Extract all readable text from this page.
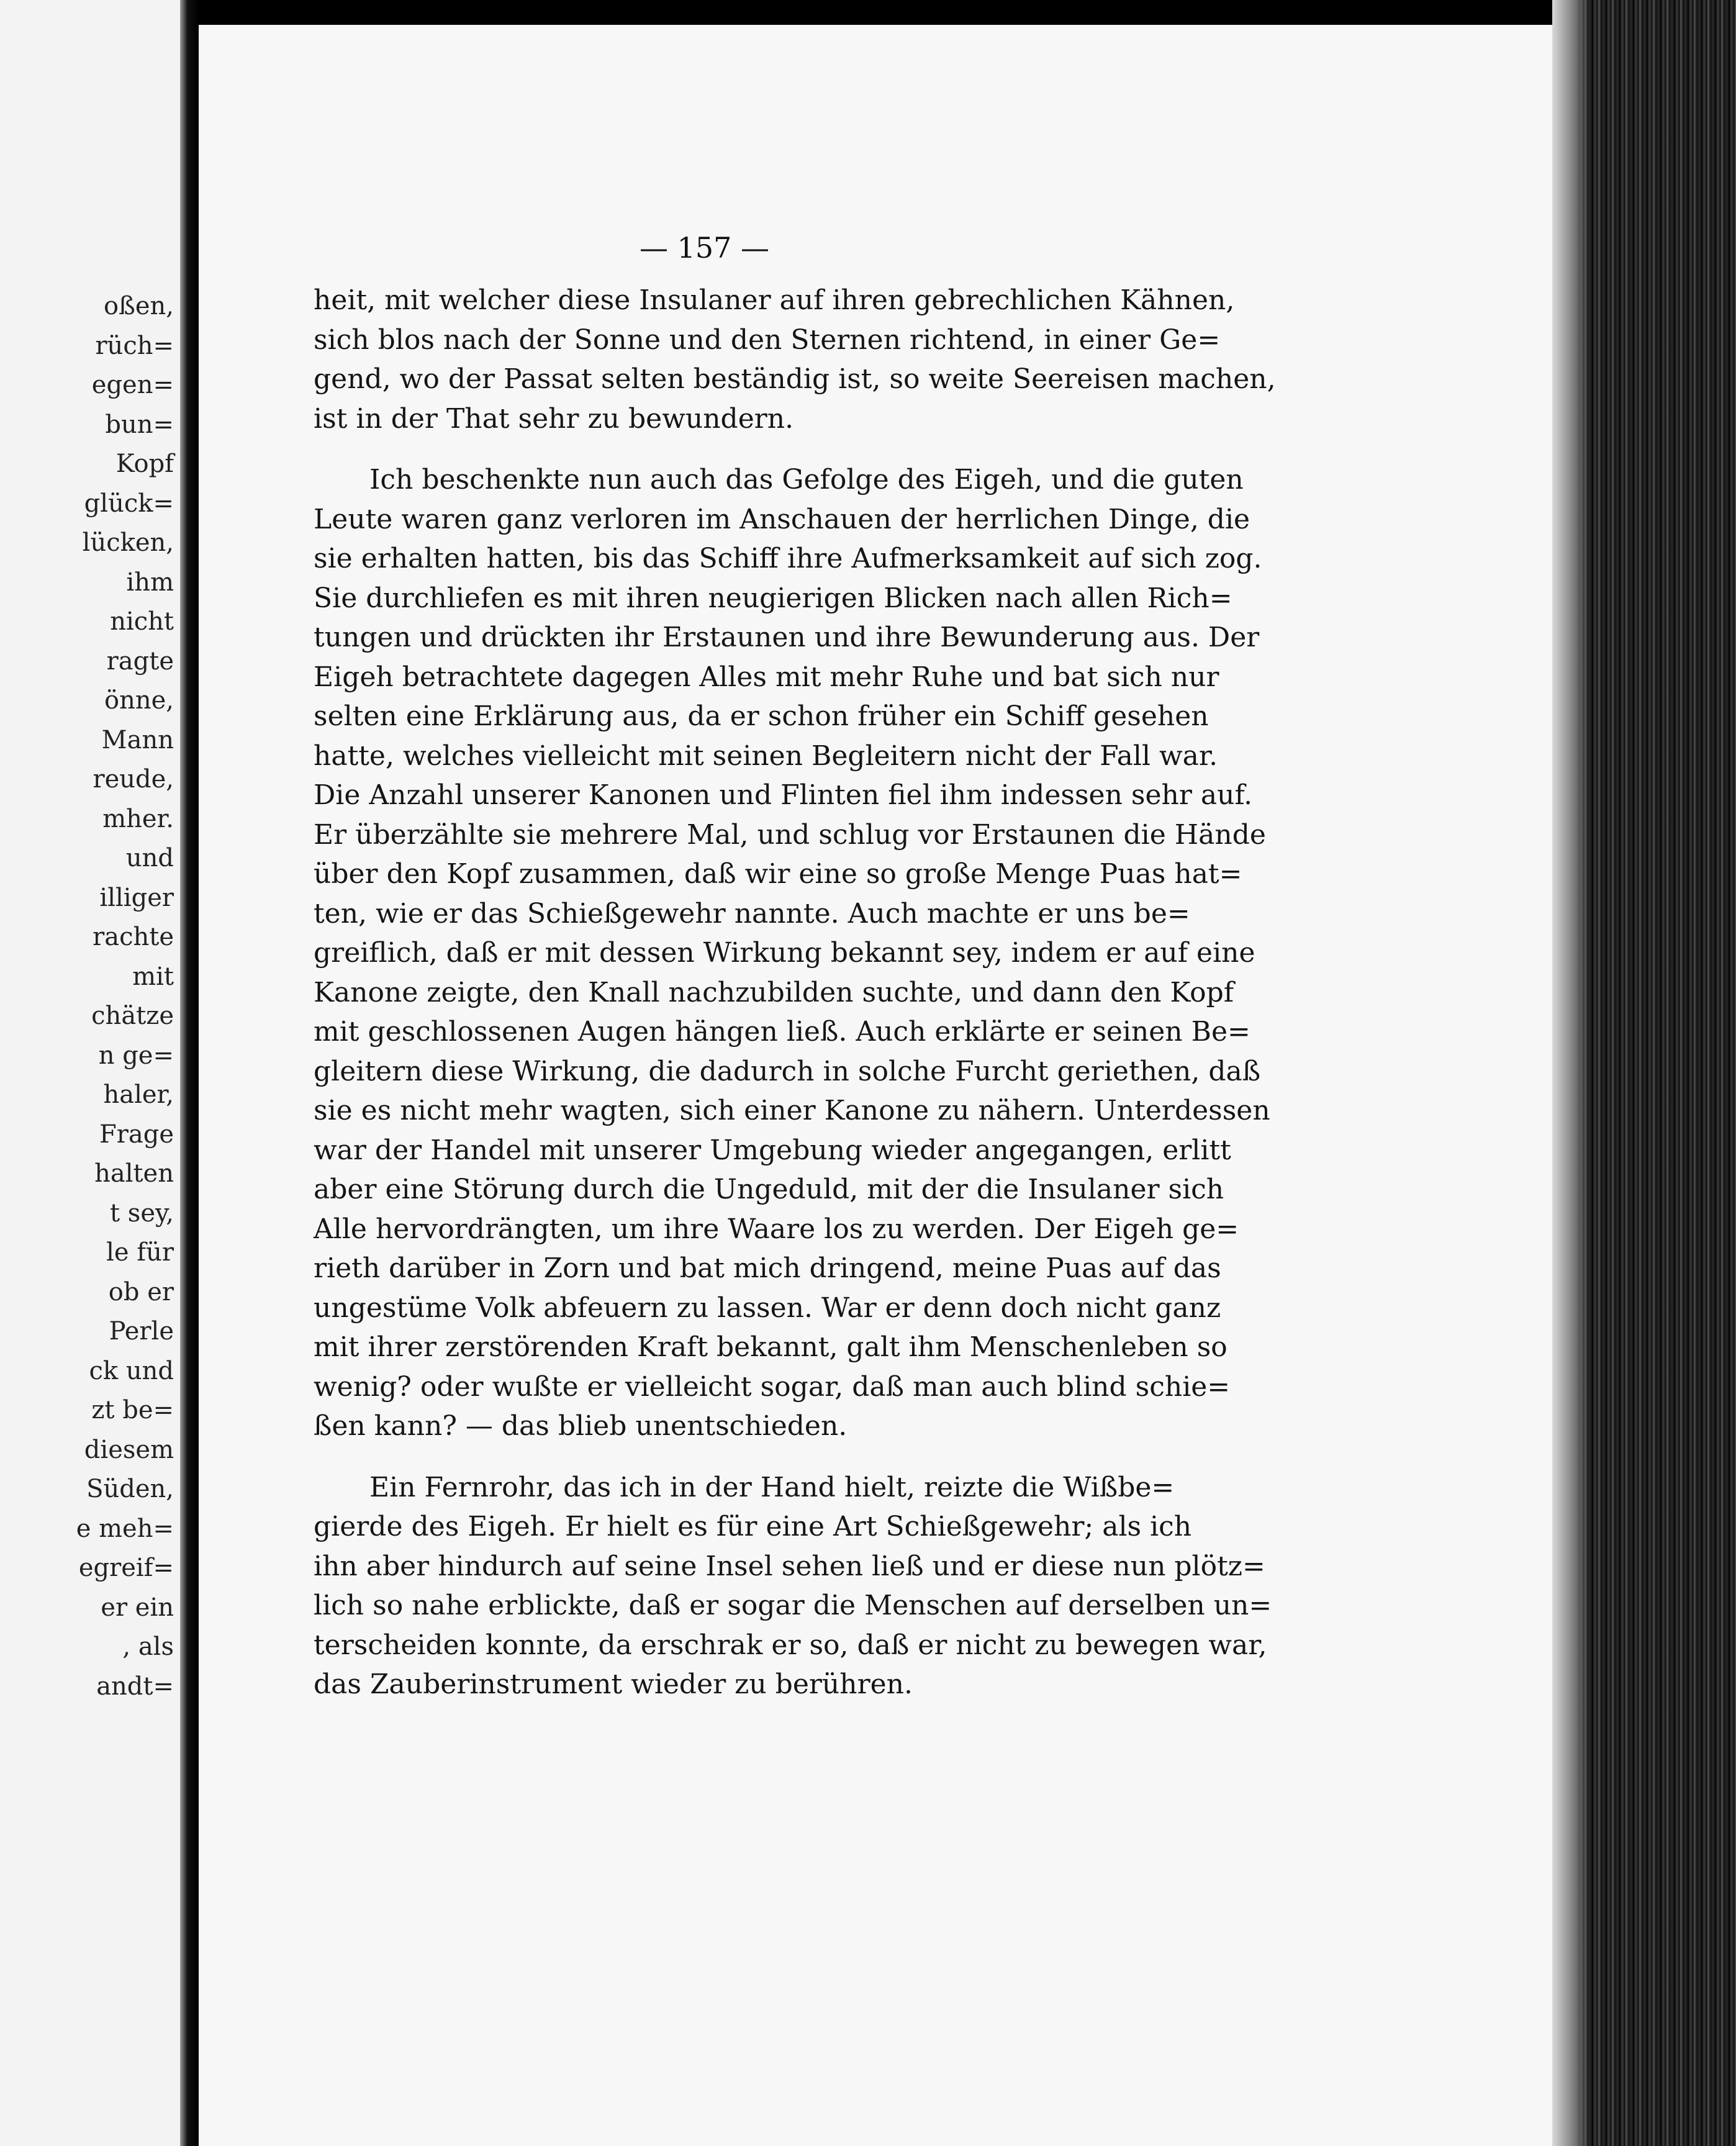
oßen,
rüch=
egen=
bun=
Kopf
glück=
lücken,
ihm
nicht
ragte
önne,
Mann
reude,
mher.
und
illiger
rachte
mit
chätze
n ge=
haler,
Frage
halten
t sey,
le für
ob er
Perle
ck und
zt be=
diesem
Süden,
e meh=
egreif=
er ein
, als
andt=
— 157 —
heit, mit welcher diese Insulaner auf ihren gebrechlichen Kähnen,
sich blos nach der Sonne und den Sternen richtend, in einer Ge=
gend, wo der Passat selten beständig ist, so weite Seereisen machen,
ist in der That sehr zu bewundern.
Ich beschenkte nun auch das Gefolge des Eigeh, und die guten
Leute waren ganz verloren im Anschauen der herrlichen Dinge, die
sie erhalten hatten, bis das Schiff ihre Aufmerksamkeit auf sich zog.
Sie durchliefen es mit ihren neugierigen Blicken nach allen Rich=
tungen und drückten ihr Erstaunen und ihre Bewunderung aus. Der
Eigeh betrachtete dagegen Alles mit mehr Ruhe und bat sich nur
selten eine Erklärung aus, da er schon früher ein Schiff gesehen
hatte, welches vielleicht mit seinen Begleitern nicht der Fall war.
Die Anzahl unserer Kanonen und Flinten fiel ihm indessen sehr auf.
Er überzählte sie mehrere Mal, und schlug vor Erstaunen die Hände
über den Kopf zusammen, daß wir eine so große Menge Puas hat=
ten, wie er das Schießgewehr nannte. Auch machte er uns be=
greiflich, daß er mit dessen Wirkung bekannt sey, indem er auf eine
Kanone zeigte, den Knall nachzubilden suchte, und dann den Kopf
mit geschlossenen Augen hängen ließ. Auch erklärte er seinen Be=
gleitern diese Wirkung, die dadurch in solche Furcht geriethen, daß
sie es nicht mehr wagten, sich einer Kanone zu nähern. Unterdessen
war der Handel mit unserer Umgebung wieder angegangen, erlitt
aber eine Störung durch die Ungeduld, mit der die Insulaner sich
Alle hervordrängten, um ihre Waare los zu werden. Der Eigeh ge=
rieth darüber in Zorn und bat mich dringend, meine Puas auf das
ungestüme Volk abfeuern zu lassen. War er denn doch nicht ganz
mit ihrer zerstörenden Kraft bekannt, galt ihm Menschenleben so
wenig? oder wußte er vielleicht sogar, daß man auch blind schie=
ßen kann? — das blieb unentschieden.
Ein Fernrohr, das ich in der Hand hielt, reizte die Wißbe=
gierde des Eigeh. Er hielt es für eine Art Schießgewehr; als ich
ihn aber hindurch auf seine Insel sehen ließ und er diese nun plötz=
lich so nahe erblickte, daß er sogar die Menschen auf derselben un=
terscheiden konnte, da erschrak er so, daß er nicht zu bewegen war,
das Zauberinstrument wieder zu berühren.
